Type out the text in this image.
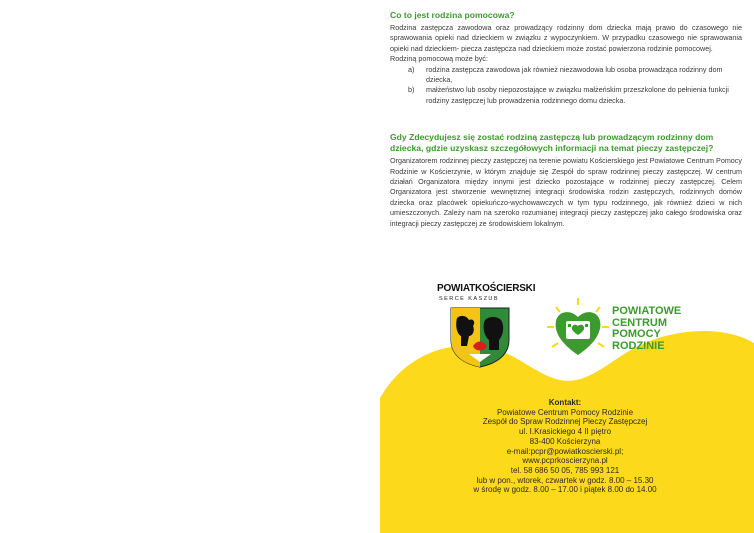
Co to jest rodzina pomocowa?

Rodzina zastępcza zawodowa oraz prowadzący rodzinny dom dziecka mają prawo do czasowego nie sprawowania opieki nad dzieckiem w związku z wypoczynkiem. W przypadku czasowego nie sprawowania opieki nad dzieckiem- piecza zastępcza nad dzieckiem może zostać powierzona rodzinie pomocowej.

Rodziną pomocową może być:

a) rodzina zastępcza zawodowa jak również niezawodowa lub osoba prowadząca rodzinny dom dziecka,
b) małżeństwo lub osoby niepozostające w związku małżeńskim przeszkolone do pełnienia funkcji rodziny zastępczej lub prowadzenia rodzinnego domu dziecka.
Gdy Zdecydujesz się zostać rodziną zastępczą lub prowadzącym rodzinny dom dziecka, gdzie uzyskasz szczegółowych informacji na temat pieczy zastępczej?

Organizatorem rodzinnej pieczy zastępczej na terenie powiatu Kościerskiego jest Powiatowe Centrum Pomocy Rodzinie w Kościerzynie, w którym znajduje się Zespół do spraw rodzinnej pieczy zastępczej. W centrum działań Organizatora między innymi jest dziecko pozostające w rodzinnej pieczy zastępczej. Celem Organizatora jest stworzenie wewnętrznej integracji środowiska rodzin zastępczych, rodzinnych domów dziecka oraz placówek opiekuńczo-wychowawczych w tym typu rodzinnego, jak również dzieci w nich umieszczonych. Zależy nam na szeroko rozumianej integracji pieczy zastępczej jako całego środowiska oraz integracji pieczy zastępczej ze środowiskiem lokalnym.

POWIATKOŚCIERSKI
SERCE KASZUB
POWIATOWE
CENTRUM
POMOCY
RODZINIE
Kontakt:
Powiatowe Centrum Pomocy Rodzinie
Zespół do Spraw Rodzinnej Pieczy Zastępczej
ul. I.Krasickiego 4 II piętro
83-400 Kościerzyna
e-mail:pcpr@powiatkoscierski.pl;
www.pcprkoscierzyna.pl
tel. 58 686 50 05, 785 993 121
lub w pon., wtorek, czwartek w godz. 8.00 – 15.30
w środę w godz. 8.00 – 17.00 i piątek 8.00 do 14.00
